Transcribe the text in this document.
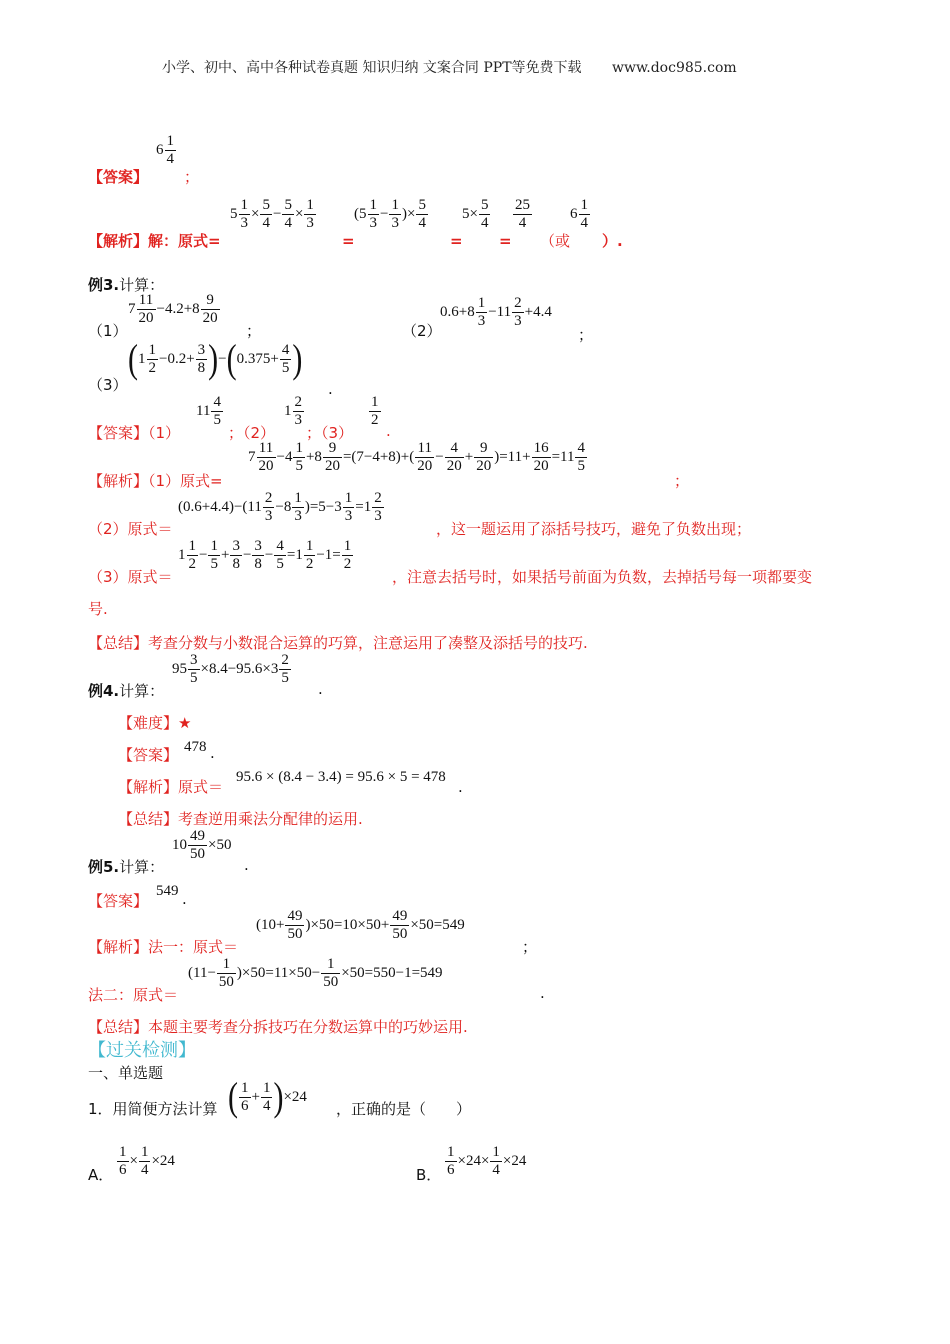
小学、初中、高中各种试卷真题 知识归纳 文案合同 PPT等免费下载 www.doc985.com
【答案】
$6 \frac{1}{4}$
；
【解析】解：原式=
$5 \frac{1}{3} \times \frac{5}{4} - \frac{5}{4} \times \frac{1}{3}$
=
($5 \frac{1}{3} - \frac{1}{3}$ )× $\frac{5}{4}$
=
$5\times \frac{5}{4}$
=
$\frac{25}{4}$
（或
$6 \frac{1}{4}$
）.
例3.计算：
（1）
$7 \frac{11}{20} -4.2+8 \frac{9}{20}$
；	（2）
$0.6+8 \frac{1}{3} -11 \frac{2}{3} +4.4$
；
（3）
$(1 \frac{1}{2} -0.2+ \frac{3}{8} )-(0.375+ \frac{4}{5}$ )
.
【答案】（1）
$11 \frac{4}{5}$
；（2）
$1 \frac{2}{3}$
；（3）
$\frac{1}{2}$
.
【解析】（1）原式=
$7 \frac{11}{20} -4 \frac{1}{5} +8 \frac{9}{20} =(7-4+8)+( \frac{11}{20} - \frac{4}{20} + \frac{9}{20} )=11+ \frac{16}{20} =11 \frac{4}{5}$
；
（2）原式＝
$(0.6+4.4)-(11 \frac{2}{3} -8 \frac{1}{3} )=5-3 \frac{1}{3} =1 \frac{2}{3}$
，这一题运用了添括号技巧，避免了负数出现；
（3）原式＝
$1 \frac{1}{2} - \frac{1}{5} + \frac{3}{8} - \frac{3}{8} - \frac{4}{5} =1 \frac{1}{2} -1= \frac{1}{2}$
，注意去括号时，如果括号前面为负数，去掉括号每一项都要变
号.
【总结】考查分数与小数混合运算的巧算，注意运用了凑整及添括号的技巧.
例4.计算：
$95 \frac{3}{5} \times 8.4-95.6\times 3 \frac{2}{5}$
.
【难度】★
【答案】 478 .
【解析】原式＝
95.6 × (8.4 − 3.4) = 95.6 × 5 = 478
.
【总结】考查逆用乘法分配律的运用.
例5.计算：
$10 \frac{49}{50} \times 50$
.
【答案】
549 .
【解析】法一：原式＝
$(10+ \frac{49}{50} )\times 50=10\times 50+ \frac{49}{50} \times 50=549$
；
法二：原式＝
$(11- \frac{1}{50} )\times 50=11\times 50- \frac{1}{50} \times 50=550-1=549$
.
【总结】本题主要考查分拆技巧在分数运算中的巧妙运用.
【过关检测】
一、单选题
1．用简便方法计算 ( $\frac{1}{6} + \frac{1}{4} )\times 24$
，正确的是（　　）
A． $\frac{1}{6} \times \frac{1}{4} \times 24$
B． $\frac{1}{6} \times 24\times \frac{1}{4} \times 24$
